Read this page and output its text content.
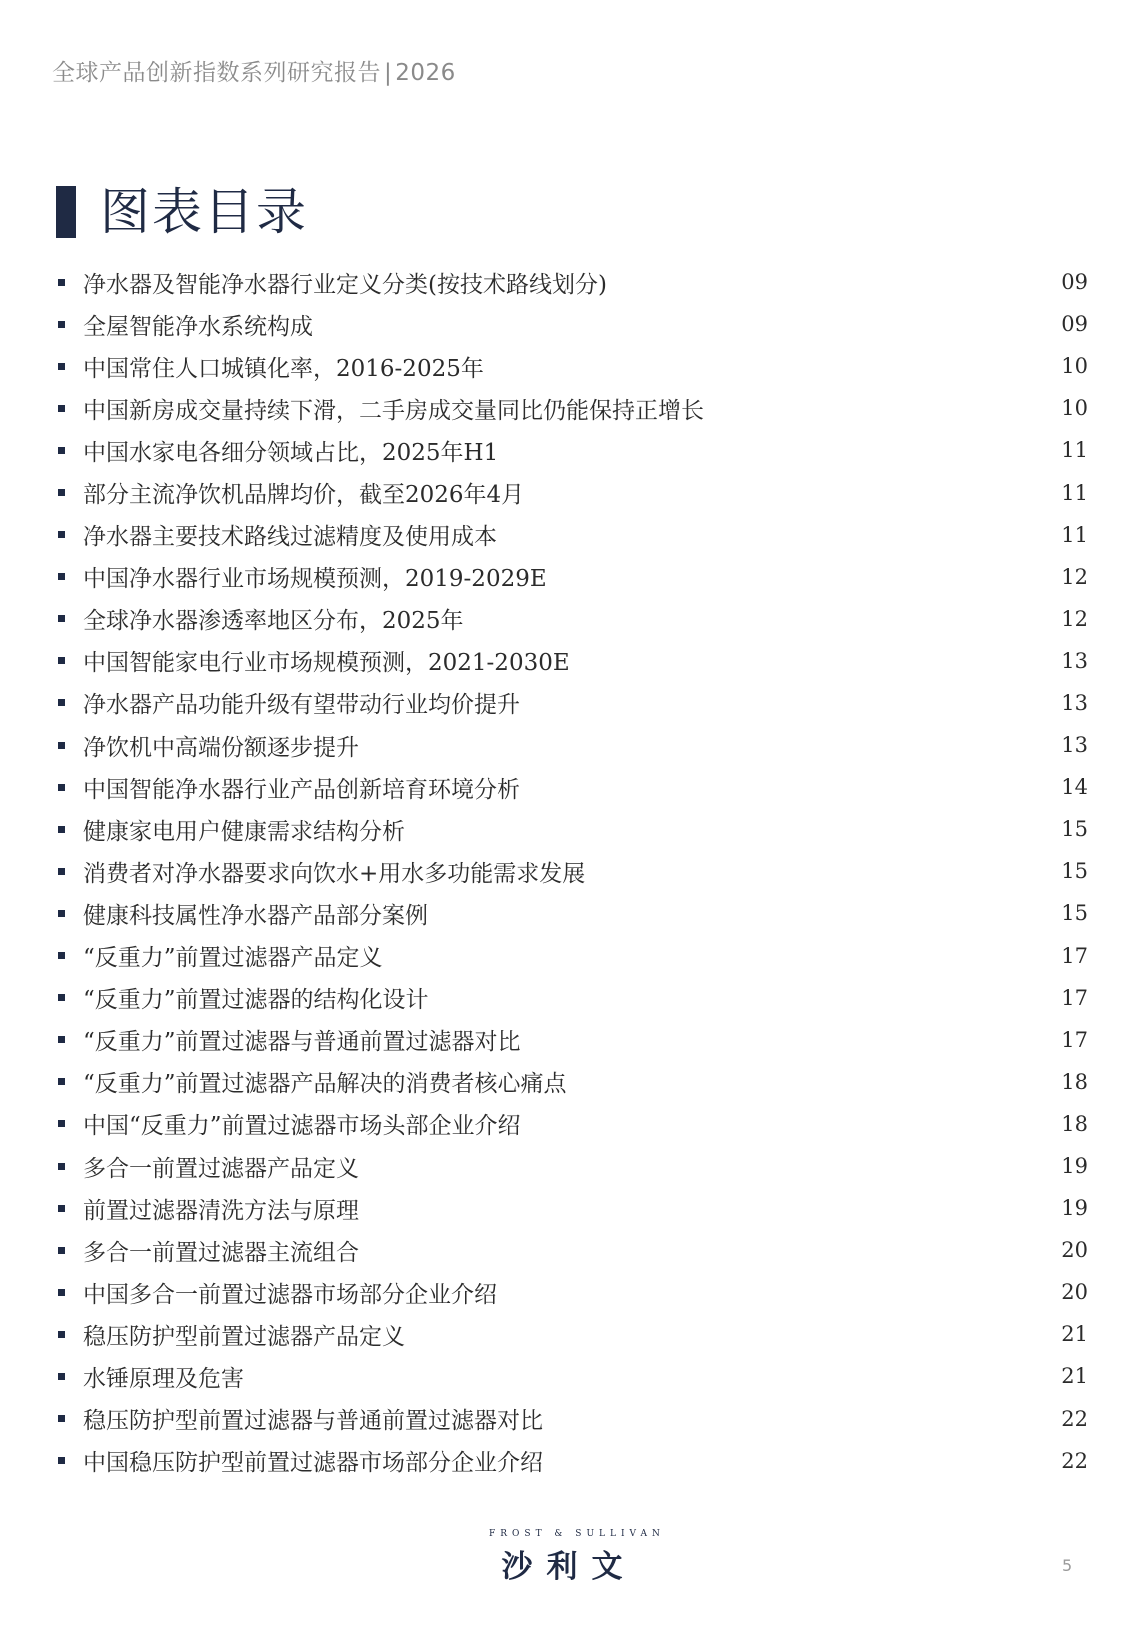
全球产品创新指数系列研究报告 | 2026
图表目录
净水器及智能净水器行业定义分类(按技术路线划分)	09
全屋智能净水系统构成	09
中国常住人口城镇化率，2016-2025年	10
中国新房成交量持续下滑，二手房成交量同比仍能保持正增长	10
中国水家电各细分领域占比，2025年H1	11
部分主流净饮机品牌均价，截至2026年4月	11
净水器主要技术路线过滤精度及使用成本	11
中国净水器行业市场规模预测，2019-2029E	12
全球净水器渗透率地区分布，2025年	12
中国智能家电行业市场规模预测，2021-2030E	13
净水器产品功能升级有望带动行业均价提升	13
净饮机中高端份额逐步提升	13
中国智能净水器行业产品创新培育环境分析	14
健康家电用户健康需求结构分析	15
消费者对净水器要求向饮水+用水多功能需求发展	15
健康科技属性净水器产品部分案例	15
“反重力”前置过滤器产品定义	17
“反重力”前置过滤器的结构化设计	17
“反重力”前置过滤器与普通前置过滤器对比	17
“反重力”前置过滤器产品解决的消费者核心痛点	18
中国“反重力”前置过滤器市场头部企业介绍	18
多合一前置过滤器产品定义	19
前置过滤器清洗方法与原理	19
多合一前置过滤器主流组合	20
中国多合一前置过滤器市场部分企业介绍	20
稳压防护型前置过滤器产品定义	21
水锤原理及危害	21
稳压防护型前置过滤器与普通前置过滤器对比	22
中国稳压防护型前置过滤器市场部分企业介绍	22
FROST & SULLIVAN
沙利文	5
